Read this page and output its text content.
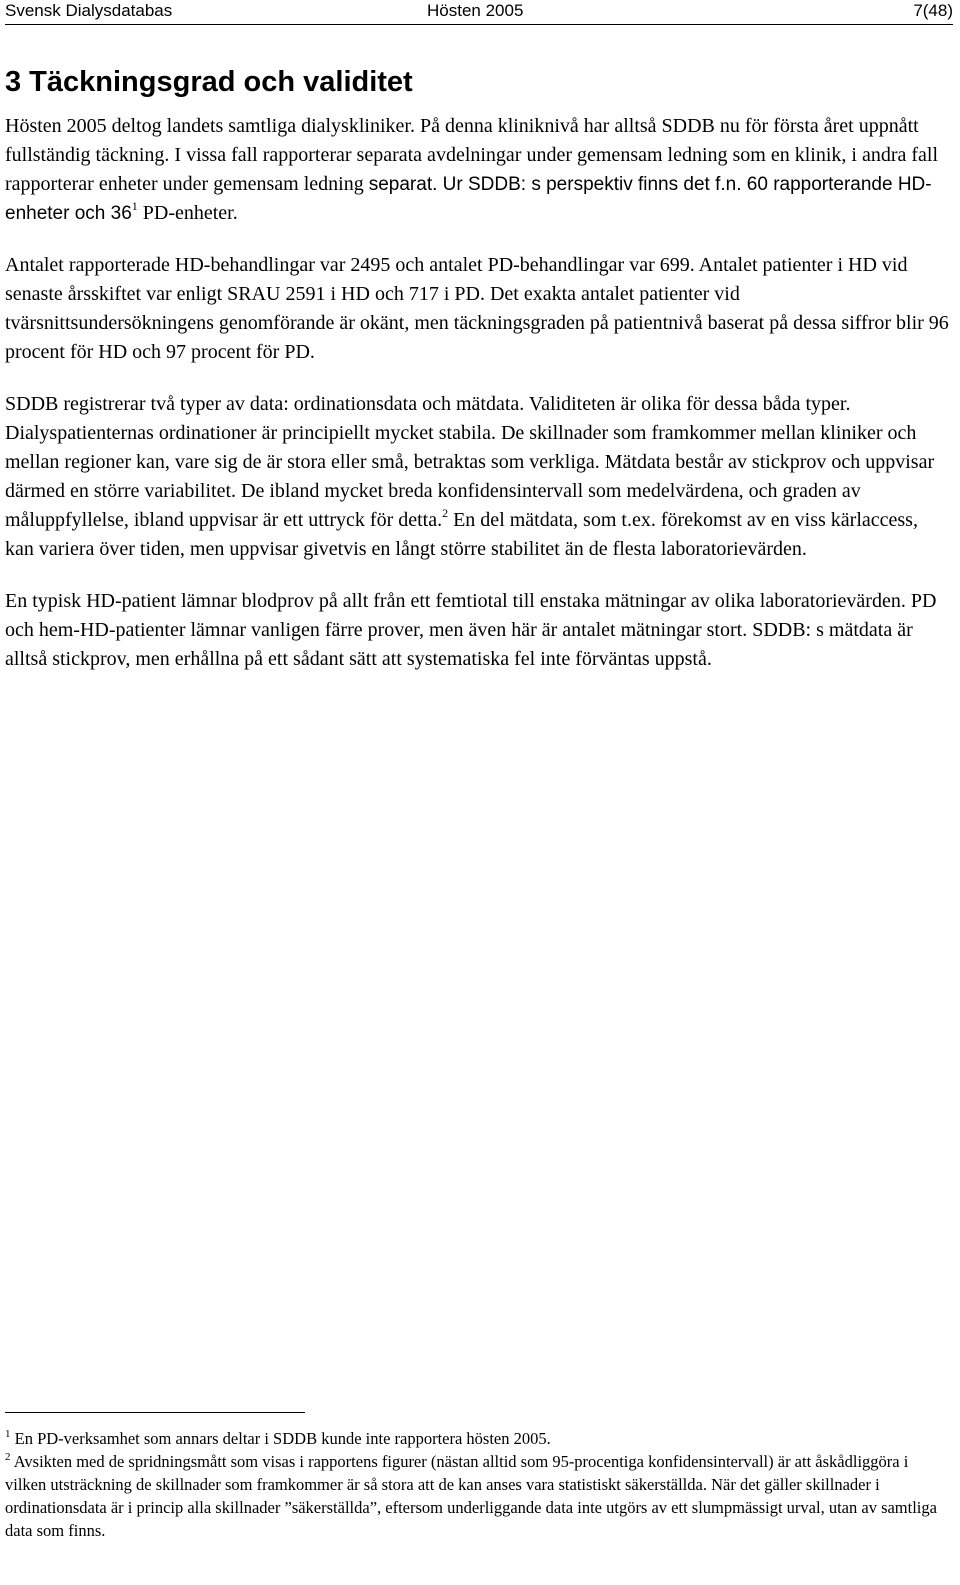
Svensk Dialysdatabas	Hösten 2005	7(48)
3 Täckningsgrad och validitet

Hösten 2005 deltog landets samtliga dialyskliniker. På denna kliniknivå har alltså SDDB nu för första året uppnått fullständig täckning. I vissa fall rapporterar separata avdelningar under gemensam ledning som en klinik, i andra fall rapporterar enheter under gemensam ledning separat. Ur SDDB: s perspektiv finns det f.n. 60 rapporterande HD-enheter och $36^1$ PD-enheter.

Antalet rapporterade HD-behandlingar var 2495 och antalet PD-behandlingar var 699. Antalet patienter i HD vid senaste årsskiftet var enligt SRAU 2591 i HD och 717 i PD. Det exakta antalet patienter vid tvärsnittsundersökningens genomförande är okänt, men täckningsgraden på patientnivå baserat på dessa siffror blir 96 procent för HD och 97 procent för PD.

SDDB registrerar två typer av data: ordinationsdata och mätdata. Validiteten är olika för dessa båda typer. Dialyspatienternas ordinationer är principiellt mycket stabila. De skillnader som framkommer mellan kliniker och mellan regioner kan, vare sig de är stora eller små, betraktas som verkliga. Mätdata består av stickprov och uppvisar därmed en större variabilitet. De ibland mycket breda konfidensintervall som medelvärdena, och graden av måluppfyllelse, ibland uppvisar är ett uttryck för detta.$^2$ En del mätdata, som t.ex. förekomst av en viss kärlaccess, kan variera över tiden, men uppvisar givetvis en långt större stabilitet än de flesta laboratorievärden.

En typisk HD-patient lämnar blodprov på allt från ett femtiotal till enstaka mätningar av olika laboratorievärden. PD och hem-HD-patienter lämnar vanligen färre prover, men även här är antalet mätningar stort. SDDB: s mätdata är alltså stickprov, men erhållna på ett sådant sätt att systematiska fel inte förväntas uppstå.

$^1$ En PD-verksamhet som annars deltar i SDDB kunde inte rapportera hösten 2005.

$^2$ Avsikten med de spridningsmått som visas i rapportens figurer (nästan alltid som 95-procentiga konfidensintervall) är att åskådliggöra i vilken utsträckning de skillnader som framkommer är så stora att de kan anses vara statistiskt säkerställda. När det gäller skillnader i ordinationsdata är i princip alla skillnader ”säkerställda”, eftersom underliggande data inte utgörs av ett slumpmässigt urval, utan av samtliga data som finns.
